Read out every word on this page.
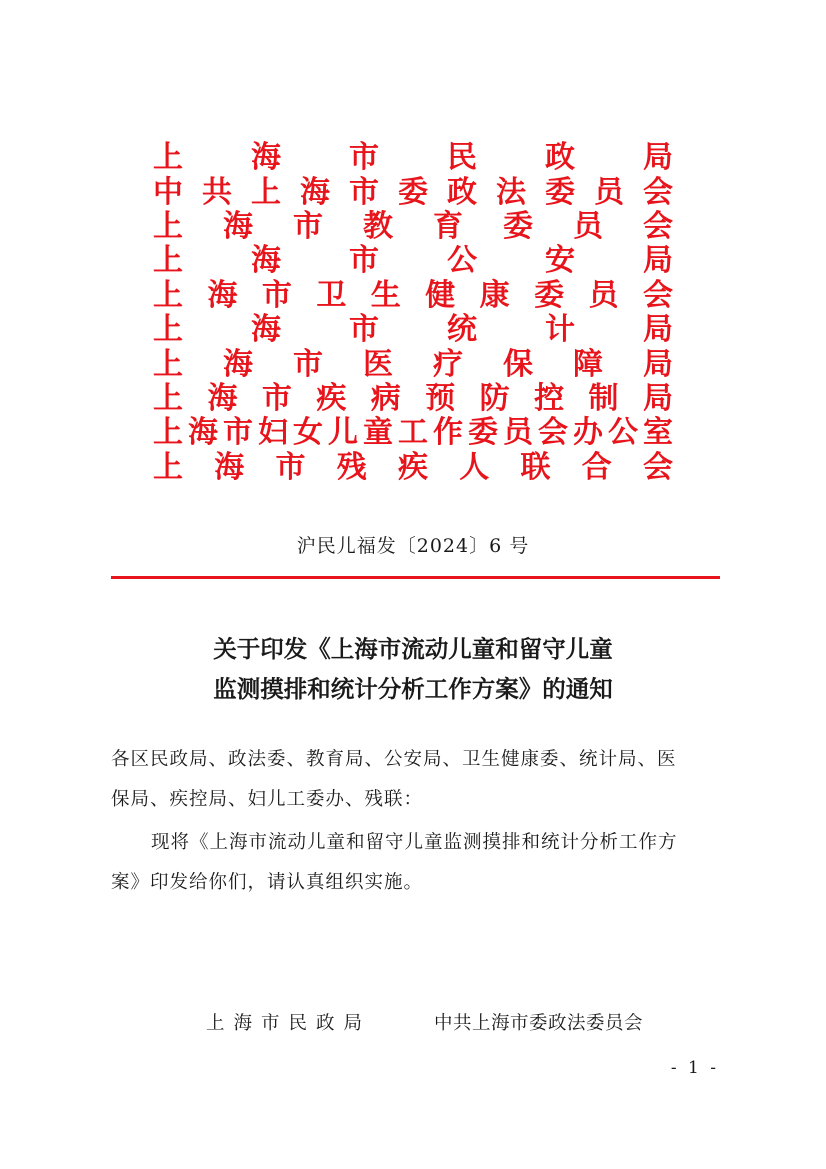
上 海 市 民 政 局
中 共 上 海 市 委 政 法 委 员 会
上 海 市 教 育 委 员 会
上 海 市 公 安 局
上 海 市 卫 生 健 康 委 员 会
上 海 市 统 计 局
上 海 市 医 疗 保 障 局
上 海 市 疾 病 预 防 控 制 局
上 海 市 妇 女 儿 童 工 作 委 员 会 办 公 室
上 海 市 残 疾 人 联 合 会
沪民儿福发〔2024〕6 号
关于印发《上海市流动儿童和留守儿童
监测摸排和统计分析工作方案》的通知
各区民政局、政法委、教育局、公安局、卫生健康委、统计局、医
保局、疾控局、妇儿工委办、残联：
现将《上海市流动儿童和留守儿童监测摸排和统计分析工作方
案》印发给你们，请认真组织实施。
上海市民政局	中共上海市委政法委员会
- 1 -
